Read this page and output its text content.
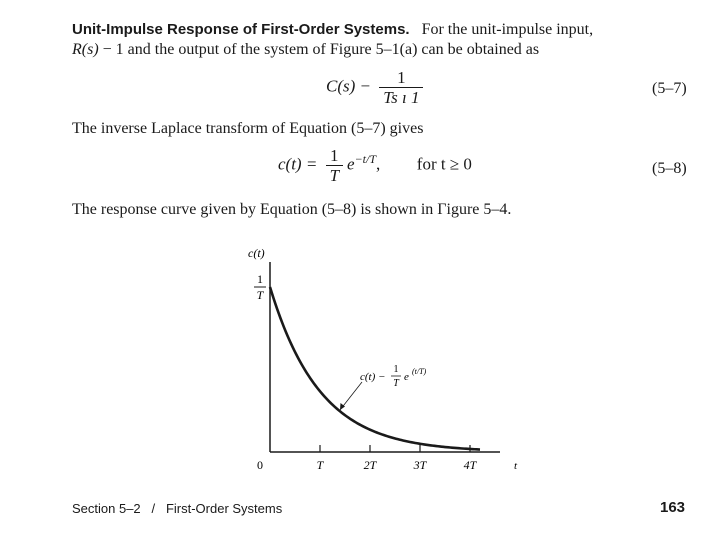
Unit-Impulse Response of First-Order Systems. For the unit-impulse input,
R(s) − 1 and the output of the system of Figure 5–1(a) can be obtained as
$C(s) - \frac{1}{\text{Ts ı 1}}$	(5–7)
The inverse Laplace transform of Equation (5–7) gives
$c(t) = \frac{1}{T} e^{-t/T}$, for t ≥ 0	(5–8)
The response curve given by Equation (5–8) is shown in Γigure 5–4.
c(t)
1
T
0	T	2T	3T	4T	t
c(t) −
1
T
e (t/T)
Section 5–2   /   First-Order Systems	163
